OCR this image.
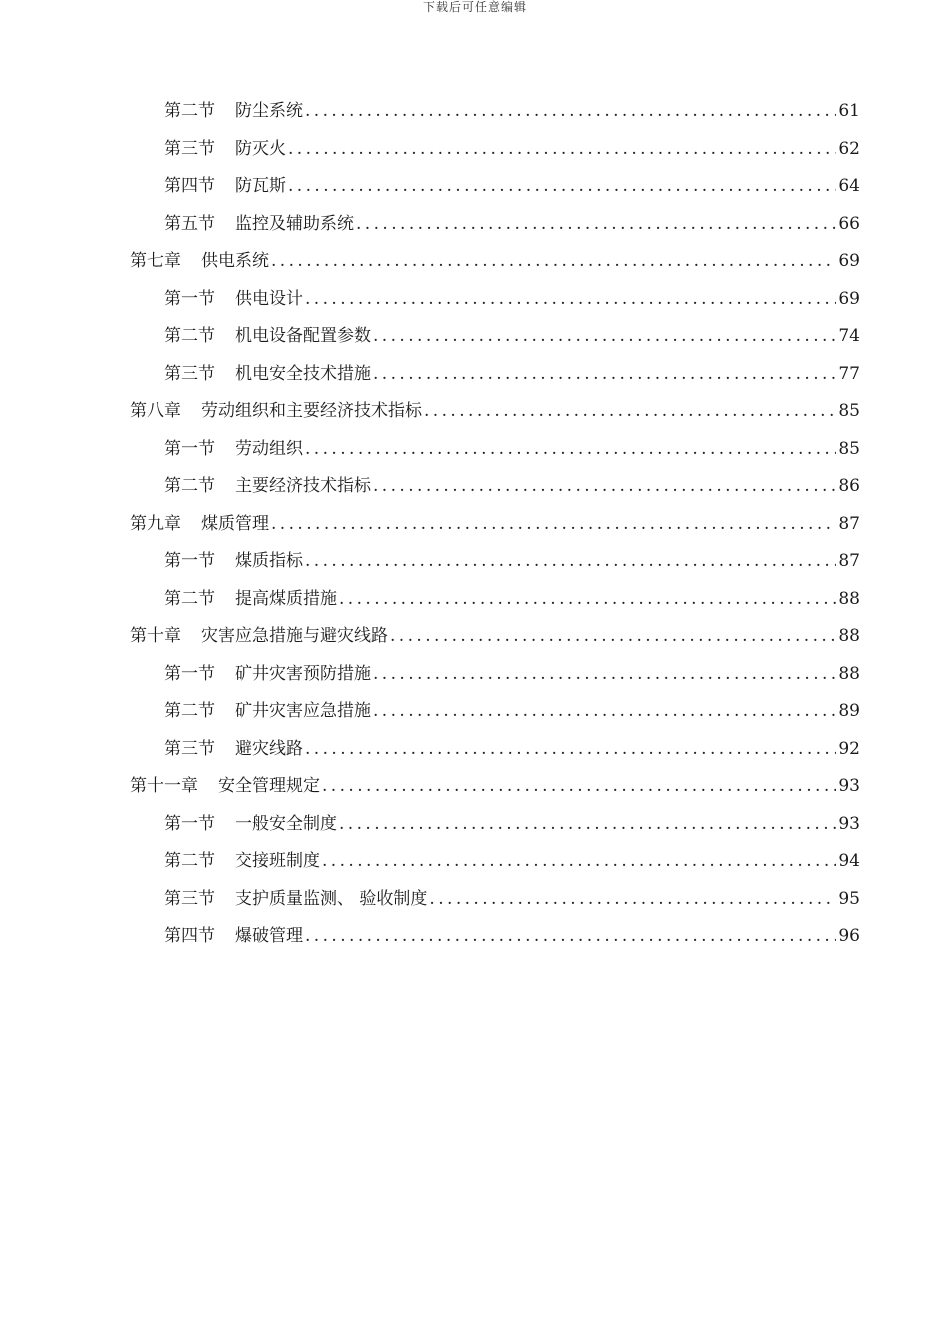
下载后可任意编辑
第二节 防尘系统 .....	61
第三节 防灭火 .....	62
第四节 防瓦斯 .....	64
第五节 监控及辅助系统 .....	66
第七章 供电系统 .....	69
第一节 供电设计 .....	69
第二节 机电设备配置参数 .....	74
第三节 机电安全技术措施 .....	77
第八章 劳动组织和主要经济技术指标 .....	85
第一节 劳动组织 .....	85
第二节 主要经济技术指标 .....	86
第九章 煤质管理 .....	87
第一节 煤质指标 .....	87
第二节 提高煤质措施 .....	88
第十章 灾害应急措施与避灾线路 .....	88
第一节 矿井灾害预防措施 .....	88
第二节 矿井灾害应急措施 .....	89
第三节 避灾线路 .....	92
第十一章 安全管理规定 .....	93
第一节 一般安全制度 .....	93
第二节 交接班制度 .....	94
第三节 支护质量监测、 验收制度 .....	95
第四节 爆破管理 .....	96
